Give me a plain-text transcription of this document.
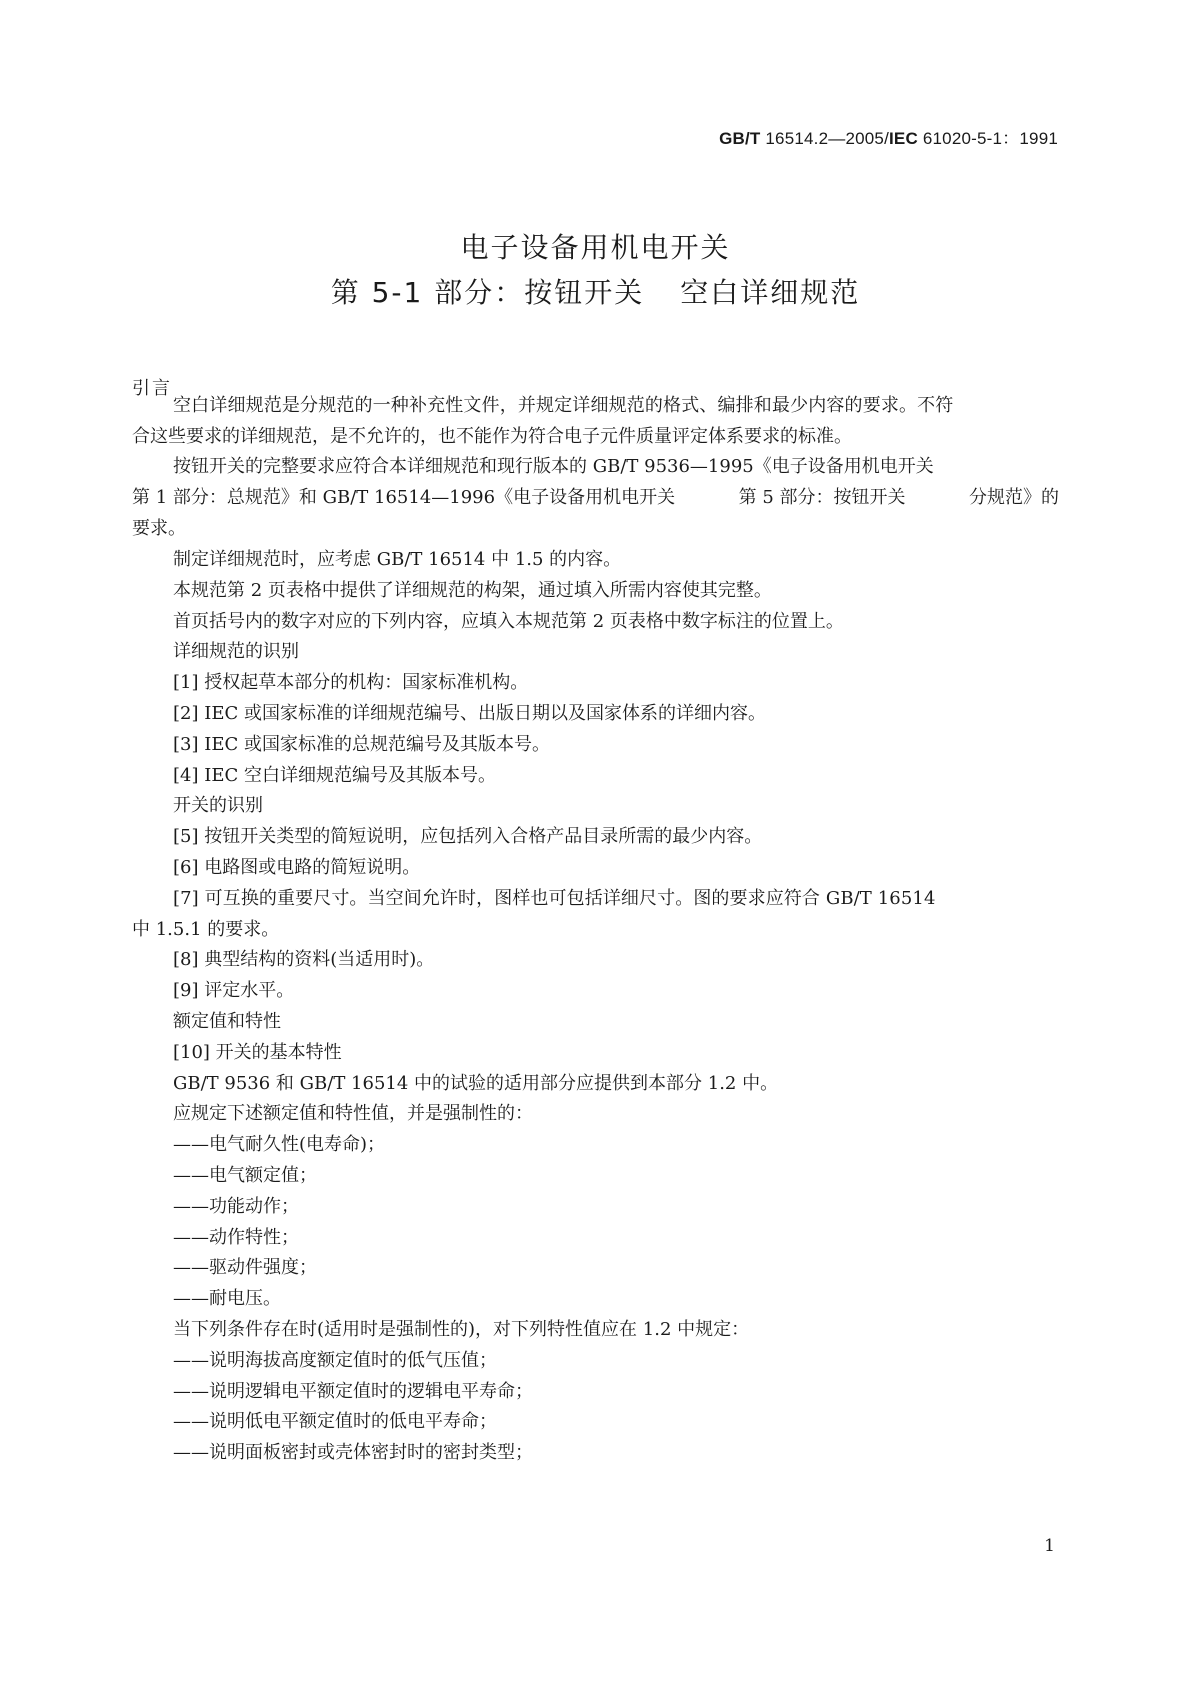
GB/T 16514.2—2005/IEC 61020-5-1：1991
电子设备用机电开关
第 5-1 部分：按钮开关 空白详细规范
引言
空白详细规范是分规范的一种补充性文件，并规定详细规范的格式、编排和最少内容的要求。不符
合这些要求的详细规范，是不允许的，也不能作为符合电子元件质量评定体系要求的标准。
按钮开关的完整要求应符合本详细规范和现行版本的 GB/T 9536—1995《电子设备用机电开关
第 1 部分：总规范》和 GB/T 16514—1996《电子设备用机电开关	第 5 部分：按钮开关	分规范》的
要求。
制定详细规范时，应考虑 GB/T 16514 中 1.5 的内容。
本规范第 2 页表格中提供了详细规范的构架，通过填入所需内容使其完整。
首页括号内的数字对应的下列内容，应填入本规范第 2 页表格中数字标注的位置上。
详细规范的识别
[1] 授权起草本部分的机构：国家标准机构。
[2] IEC 或国家标准的详细规范编号、出版日期以及国家体系的详细内容。
[3] IEC 或国家标准的总规范编号及其版本号。
[4] IEC 空白详细规范编号及其版本号。
开关的识别
[5] 按钮开关类型的简短说明，应包括列入合格产品目录所需的最少内容。
[6] 电路图或电路的简短说明。
[7] 可互换的重要尺寸。当空间允许时，图样也可包括详细尺寸。图的要求应符合 GB/T 16514
中 1.5.1 的要求。
[8] 典型结构的资料(当适用时)。
[9] 评定水平。
额定值和特性
[10] 开关的基本特性
GB/T 9536 和 GB/T 16514 中的试验的适用部分应提供到本部分 1.2 中。
应规定下述额定值和特性值，并是强制性的：
——电气耐久性(电寿命)；
——电气额定值；
——功能动作；
——动作特性；
——驱动件强度；
——耐电压。
当下列条件存在时(适用时是强制性的)，对下列特性值应在 1.2 中规定：
——说明海拔高度额定值时的低气压值；
——说明逻辑电平额定值时的逻辑电平寿命；
——说明低电平额定值时的低电平寿命；
——说明面板密封或壳体密封时的密封类型；
1
